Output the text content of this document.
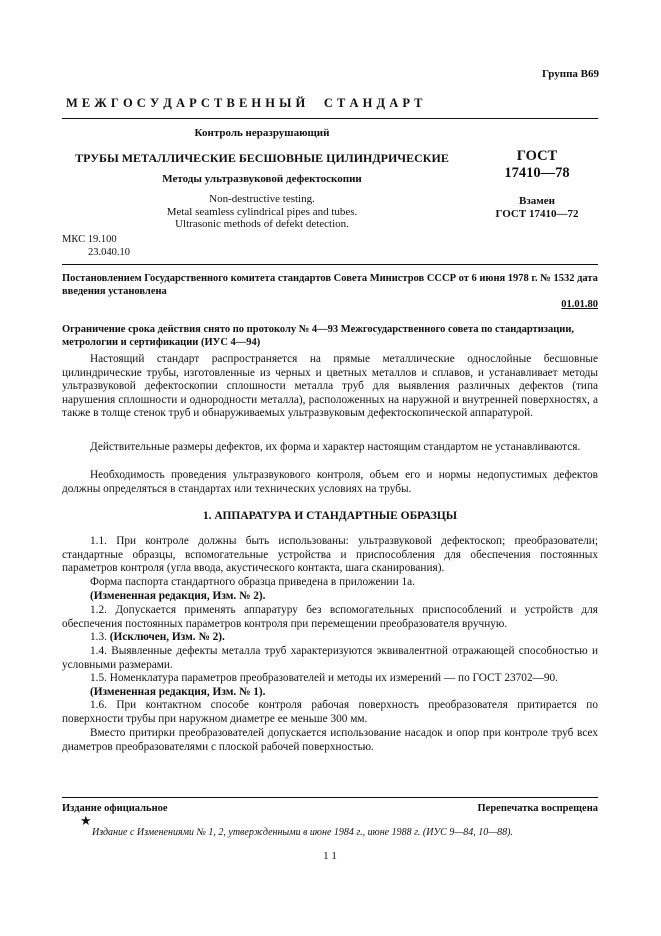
Группа В69
М Е Ж Г О С У Д А Р С Т В Е Н Н Ы Й     С Т А Н Д А Р Т
Контроль неразрушающий
ТРУБЫ МЕТАЛЛИЧЕСКИЕ БЕСШОВНЫЕ ЦИЛИНДРИЧЕСКИЕ
Методы ультразвуковой дефектоскопии
Non-destructive testing.
Metal seamless cylindrical pipes and tubes.
Ultrasonic methods of defekt detection.
ГОСТ
17410—78
Взамен
ГОСТ 17410—72
МКС 19.100
23.040.10
Постановлением Государственного комитета стандартов Совета Министров СССР от 6 июня 1978 г. № 1532 дата введения установлена
01.01.80
Ограничение срока действия снято по протоколу № 4—93 Межгосударственного совета по стандартизации, метрологии и сертификации (ИУС 4—94)
Настоящий стандарт распространяется на прямые металлические однослойные бесшовные цилиндрические трубы, изготовленные из черных и цветных металлов и сплавов, и устанавливает методы ультразвуковой дефектоскопии сплошности металла труб для выявления различных дефектов (типа нарушения сплошности и однородности металла), расположенных на наружной и внутренней поверхностях, а также в толще стенок труб и обнаруживаемых ультразвуковым дефектоскопической аппаратурой.
Действительные размеры дефектов, их форма и характер настоящим стандартом не устанавливаются.
Необходимость проведения ультразвукового контроля, объем его и нормы недопустимых дефектов должны определяться в стандартах или технических условиях на трубы.
1. АППАРАТУРА И СТАНДАРТНЫЕ ОБРАЗЦЫ
1.1. При контроле должны быть использованы: ультразвуковой дефектоскоп; преобразователи; стандартные образцы, вспомогательные устройства и приспособления для обеспечения постоянных параметров контроля (угла ввода, акустического контакта, шага сканирования).
Форма паспорта стандартного образца приведена в приложении 1а.
(Измененная редакция, Изм. № 2).
1.2. Допускается применять аппаратуру без вспомогательных приспособлений и устройств для обеспечения постоянных параметров контроля при перемещении преобразователя вручную.
1.3. (Исключен, Изм. № 2).
1.4. Выявленные дефекты металла труб характеризуются эквивалентной отражающей способностью и условными размерами.
1.5. Номенклатура параметров преобразователей и методы их измерений — по ГОСТ 23702—90.
(Измененная редакция, Изм. № 1).
1.6. При контактном способе контроля рабочая поверхность преобразователя притирается по поверхности трубы при наружном диаметре ее меньше 300 мм.
Вместо притирки преобразователей допускается использование насадок и опор при контроле труб всех диаметров преобразователями с плоской рабочей поверхностью.
Издание официальное	Перепечатка воспрещена
★
Издание с Изменениями № 1, 2, утвержденными в июне 1984 г., июне 1988 г. (ИУС 9—84, 10—88).
1 1
